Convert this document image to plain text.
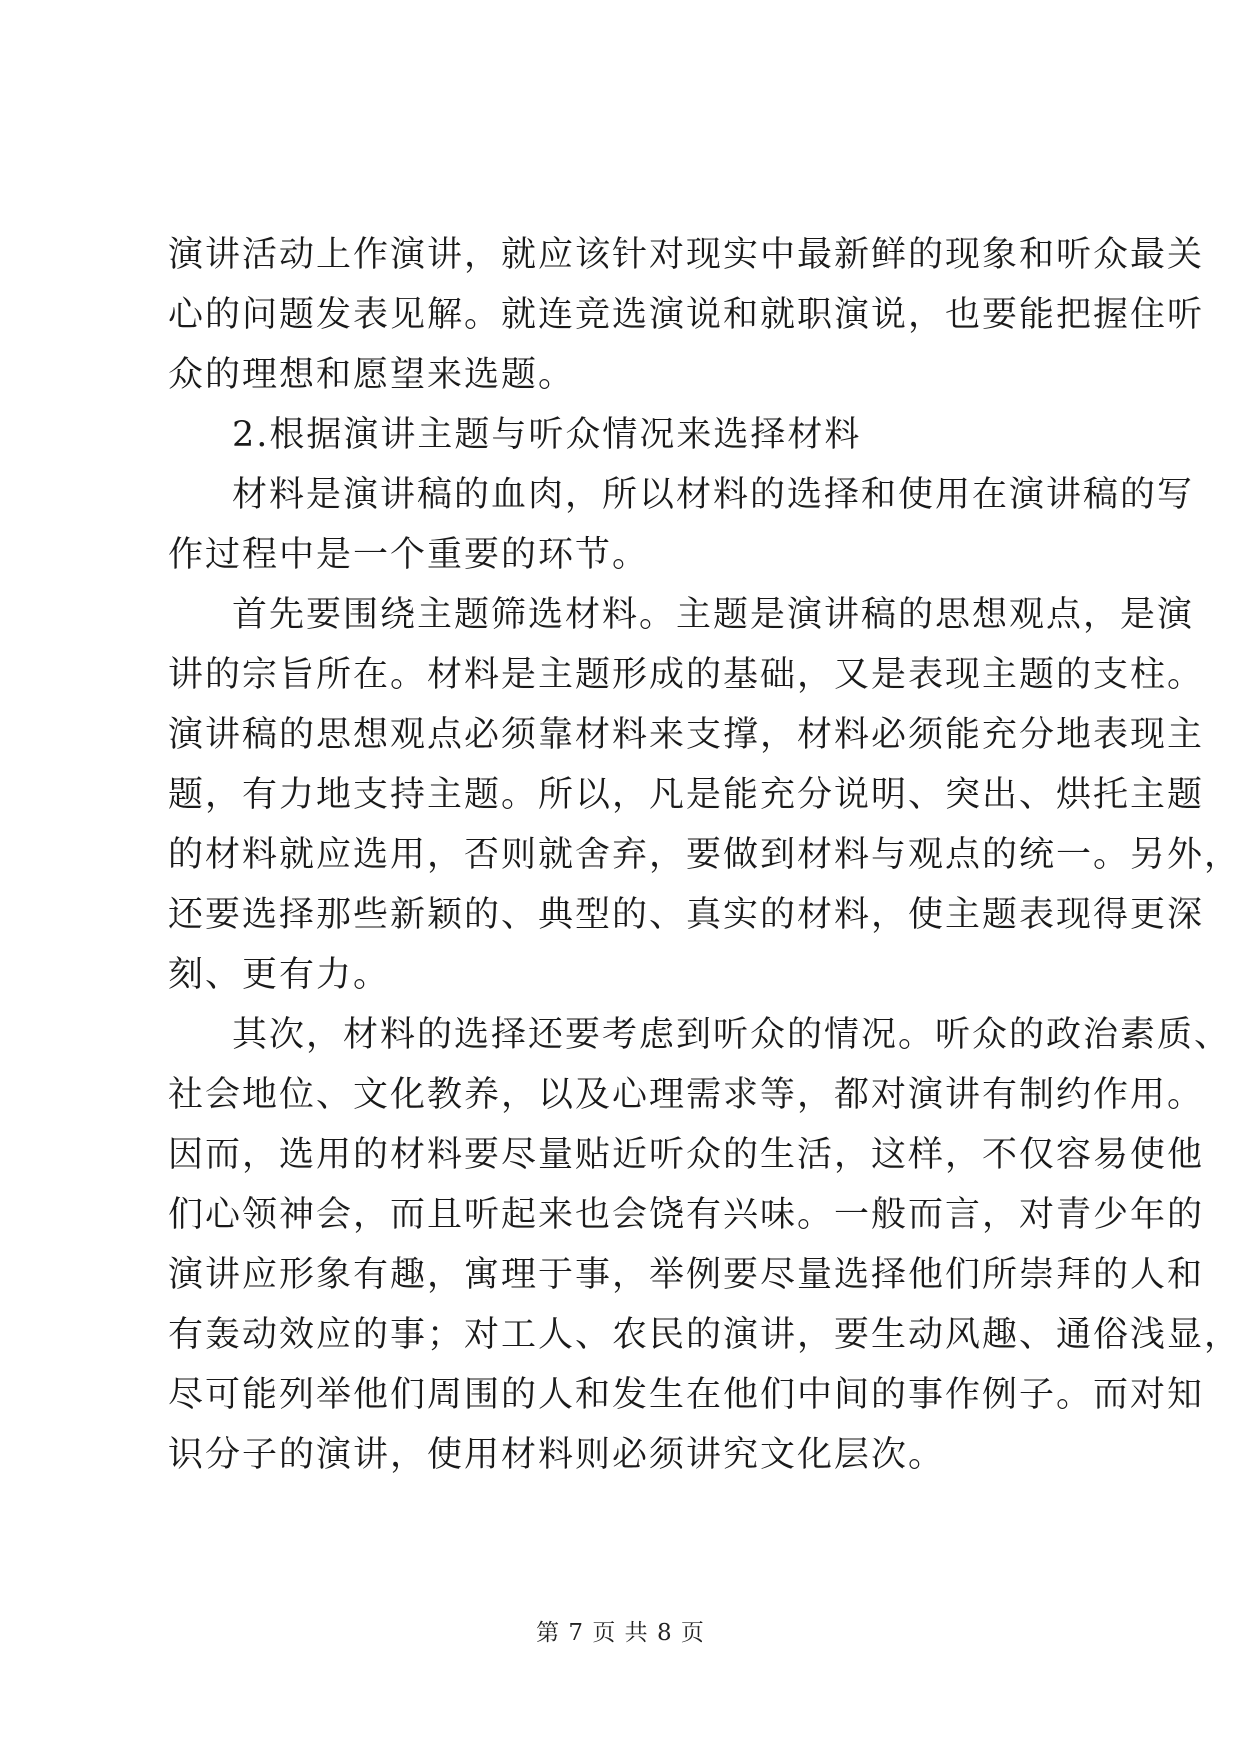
演讲活动上作演讲，就应该针对现实中最新鲜的现象和听众最关
心的问题发表见解。就连竞选演说和就职演说，也要能把握住听
众的理想和愿望来选题。
2.根据演讲主题与听众情况来选择材料
材料是演讲稿的血肉，所以材料的选择和使用在演讲稿的写
作过程中是一个重要的环节。
首先要围绕主题筛选材料。主题是演讲稿的思想观点，是演
讲的宗旨所在。材料是主题形成的基础，又是表现主题的支柱。
演讲稿的思想观点必须靠材料来支撑，材料必须能充分地表现主
题，有力地支持主题。所以，凡是能充分说明、突出、烘托主题
的材料就应选用，否则就舍弃，要做到材料与观点的统一。另外，
还要选择那些新颖的、典型的、真实的材料，使主题表现得更深
刻、更有力。
其次，材料的选择还要考虑到听众的情况。听众的政治素质、
社会地位、文化教养，以及心理需求等，都对演讲有制约作用。
因而，选用的材料要尽量贴近听众的生活，这样，不仅容易使他
们心领神会，而且听起来也会饶有兴味。一般而言，对青少年的
演讲应形象有趣，寓理于事，举例要尽量选择他们所崇拜的人和
有轰动效应的事；对工人、农民的演讲，要生动风趣、通俗浅显，
尽可能列举他们周围的人和发生在他们中间的事作例子。而对知
识分子的演讲，使用材料则必须讲究文化层次。
第 7 页 共 8 页
